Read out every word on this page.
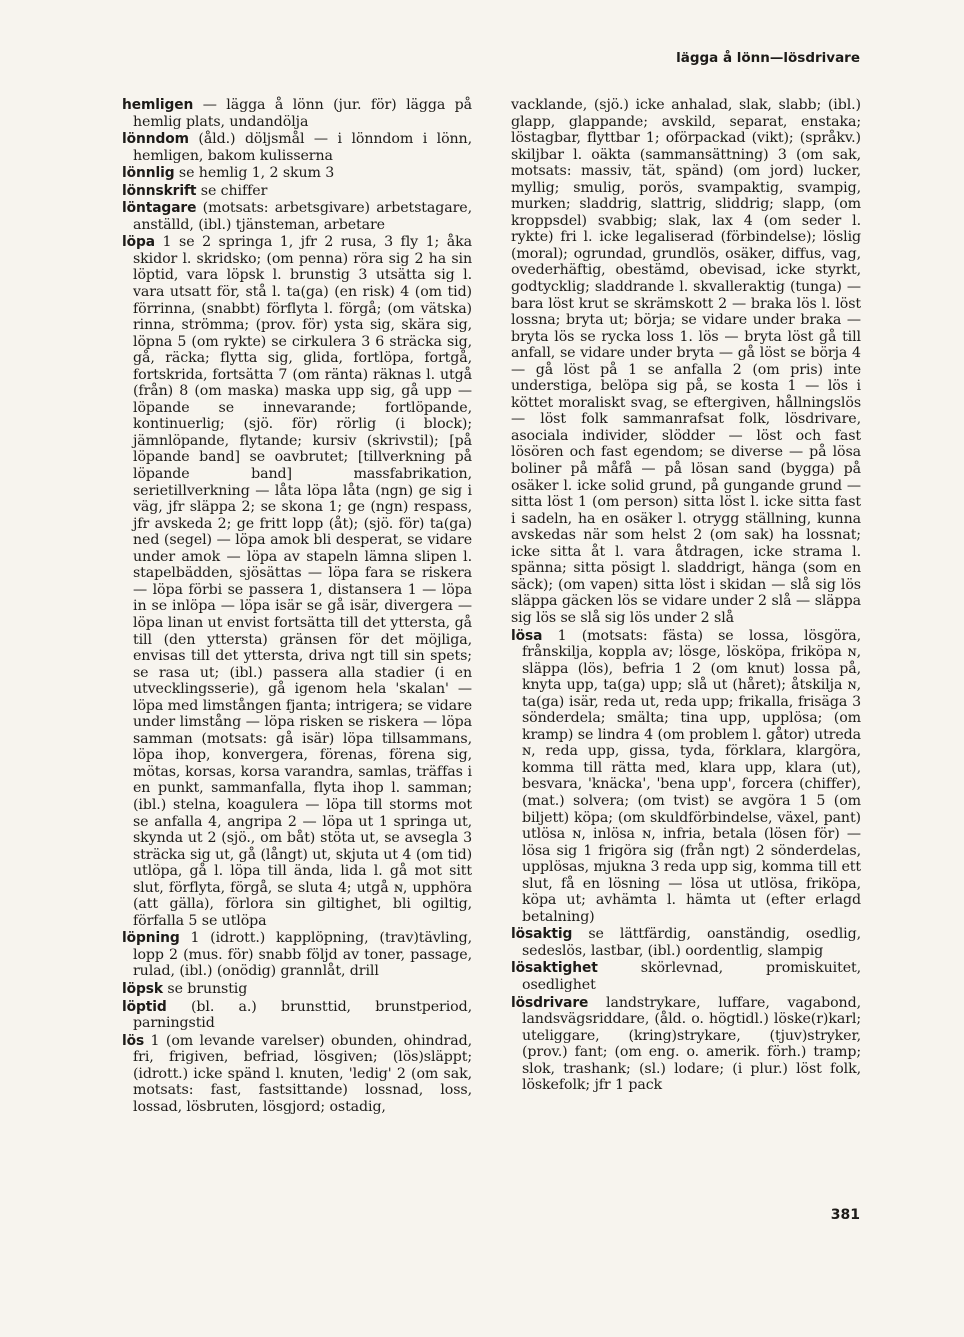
lägga å lönn—lösdrivare

hemligen — lägga å lönn (jur. för) lägga på hemlig plats, undandölja

lönndom (åld.) döljsmål — i lönndom i lönn, hemligen, bakom kulisserna

lönnlig se hemlig 1, 2 skum 3

lönnskrift se chiffer

löntagare (motsats: arbetsgivare) arbetstagare, anställd, (ibl.) tjänsteman, arbetare

löpa 1 se 2 springa 1, jfr 2 rusa, 3 fly 1; åka skidor l. skridsko; (om penna) röra sig 2 ha sin löptid, vara löpsk l. brunstig 3 utsätta sig l. vara utsatt för, stå l. ta(ga) (en risk) 4 (om tid) förrinna, (snabbt) förflyta l. förgå; (om vätska) rinna, strömma; (prov. för) ysta sig, skära sig, löpna 5 (om rykte) se cirkulera 3 6 sträcka sig, gå, räcka; flytta sig, glida, fortlöpa, fortgå, fortskrida, fortsätta 7 (om ränta) räknas l. utgå (från) 8 (om maska) maska upp sig, gå upp — löpande se innevarande; fortlöpande, kontinuerlig; (sjö. för) rörlig (i block); jämnlöpande, flytande; kursiv (skrivstil); [på löpande band] se oavbrutet; [tillverkning på löpande band] massfabrikation, serietillverkning — låta löpa låta (ngn) ge sig i väg, jfr släppa 2; se skona 1; ge (ngn) respass, jfr avskeda 2; ge fritt lopp (åt); (sjö. för) ta(ga) ned (segel) — löpa amok bli desperat, se vidare under amok — löpa av stapeln lämna slipen l. stapelbädden, sjösättas — löpa fara se riskera — löpa förbi se passera 1, distansera 1 — löpa in se inlöpa — löpa isär se gå isär, divergera — löpa linan ut envist fortsätta till det yttersta, gå till (den yttersta) gränsen för det möjliga, envisas till det yttersta, driva ngt till sin spets; se rasa ut; (ibl.) passera alla stadier (i en utvecklingsserie), gå igenom hela 'skalan' — löpa med limstången fjanta; intrigera; se vidare under limstång — löpa risken se riskera — löpa samman (motsats: gå isär) löpa tillsammans, löpa ihop, konvergera, förenas, förena sig, mötas, korsas, korsa varandra, samlas, träffas i en punkt, sammanfalla, flyta ihop l. samman; (ibl.) stelna, koagulera — löpa till storms mot se anfalla 4, angripa 2 — löpa ut 1 springa ut, skynda ut 2 (sjö., om båt) stöta ut, se avsegla 3 sträcka sig ut, gå (långt) ut, skjuta ut 4 (om tid) utlöpa, gå l. löpa till ända, lida l. gå mot sitt slut, förflyta, förgå, se sluta 4; utgå ɴ, upphöra (att gälla), förlora sin giltighet, bli ogiltig, förfalla 5 se utlöpa

löpning 1 (idrott.) kapplöpning, (trav)tävling, lopp 2 (mus. för) snabb följd av toner, passage, rulad, (ibl.) (onödig) grannlåt, drill

löpsk se brunstig

löptid (bl. a.) brunsttid, brunstperiod, parningstid

lös 1 (om levande varelser) obunden, ohindrad, fri, frigiven, befriad, lösgiven; (lös)släppt; (idrott.) icke spänd l. knuten, 'ledig' 2 (om sak, motsats: fast, fastsittande) lossnad, loss, lossad, lösbruten, lösgjord; ostadig,

vacklande, (sjö.) icke anhalad, slak, slabb; (ibl.) glapp, glappande; avskild, separat, enstaka; löstagbar, flyttbar 1; oförpackad (vikt); (språkv.) skiljbar l. oäkta (sammansättning) 3 (om sak, motsats: massiv, tät, spänd) (om jord) lucker, myllig; smulig, porös, svampaktig, svampig, murken; sladdrig, slattrig, sliddrig; slapp, (om kroppsdel) svabbig; slak, lax 4 (om seder l. rykte) fri l. icke legaliserad (förbindelse); löslig (moral); ogrundad, grundlös, osäker, diffus, vag, ovederhäftig, obestämd, obevisad, icke styrkt, godtycklig; sladdrande l. skvalleraktig (tunga) — bara löst krut se skrämskott 2 — braka lös l. löst lossna; bryta ut; börja; se vidare under braka — bryta lös se rycka loss 1. lös — bryta löst gå till anfall, se vidare under bryta — gå löst se börja 4 — gå löst på 1 se anfalla 2 (om pris) inte understiga, belöpa sig på, se kosta 1 — lös i köttet moraliskt svag, se eftergiven, hållningslös — löst folk sammanrafsat folk, lösdrivare, asociala individer, slödder — löst och fast lösören och fast egendom; se diverse — på lösa boliner på måfå — på lösan sand (bygga) på osäker l. icke solid grund, på gungande grund — sitta löst 1 (om person) sitta löst l. icke sitta fast i sadeln, ha en osäker l. otrygg ställning, kunna avskedas när som helst 2 (om sak) ha lossnat; icke sitta åt l. vara åtdragen, icke strama l. spänna; sitta pösigt l. sladdrigt, hänga (som en säck); (om vapen) sitta löst i skidan — slå sig lös släppa gäcken lös se vidare under 2 slå — släppa sig lös se slå sig lös under 2 slå

lösa 1 (motsats: fästa) se lossa, lösgöra, frånskilja, koppla av; lösge, lösköpa, friköpa ɴ, släppa (lös), befria 1 2 (om knut) lossa på, knyta upp, ta(ga) upp; slå ut (håret); åtskilja ɴ, ta(ga) isär, reda ut, reda upp; frikalla, frisäga 3 sönderdela; smälta; tina upp, upplösa; (om kramp) se lindra 4 (om problem l. gåtor) utreda ɴ, reda upp, gissa, tyda, förklara, klargöra, komma till rätta med, klara upp, klara (ut), besvara, 'knäcka', 'bena upp', forcera (chiffer), (mat.) solvera; (om tvist) se avgöra 1 5 (om biljett) köpa; (om skuldförbindelse, växel, pant) utlösa ɴ, inlösa ɴ, infria, betala (lösen för) — lösa sig 1 frigöra sig (från ngt) 2 sönderdelas, upplösas, mjukna 3 reda upp sig, komma till ett slut, få en lösning — lösa ut utlösa, friköpa, köpa ut; avhämta l. hämta ut (efter erlagd betalning)

lösaktig se lättfärdig, oanständig, osedlig, sedeslös, lastbar, (ibl.) oordentlig, slampig

lösaktighet skörlevnad, promiskuitet, osedlighet

lösdrivare landstrykare, luffare, vagabond, landsvägsriddare, (åld. o. högtidl.) löske(r)karl; uteliggare, (kring)strykare, (tjuv)stryker, (prov.) fant; (om eng. o. amerik. förh.) tramp; slok, trashank; (sl.) lodare; (i plur.) löst folk, löskefolk; jfr 1 pack

381
